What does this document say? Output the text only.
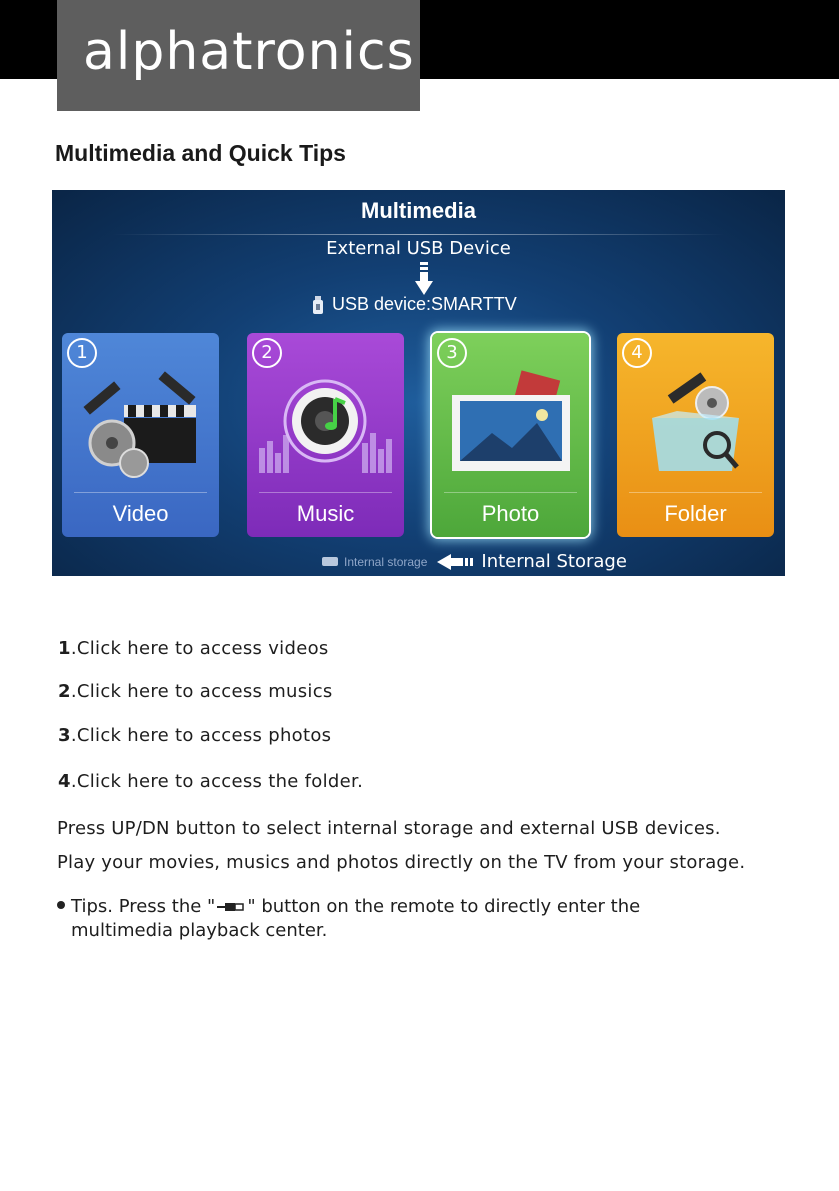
alphatronics
Multimedia and Quick Tips
Multimedia
External USB Device
USB device:SMARTTV
1
Video
2
Music
3
Photo
4
Folder
Internal storage	Internal Storage
1.Click here to access videos
2.Click here to access musics
3.Click here to access photos
4.Click here to access the folder.
Press UP/DN button to select internal storage and external USB devices.
Play your movies, musics and photos directly on the TV from your storage.
Tips. Press the " " button on the remote to directly enter the
multimedia playback center.
